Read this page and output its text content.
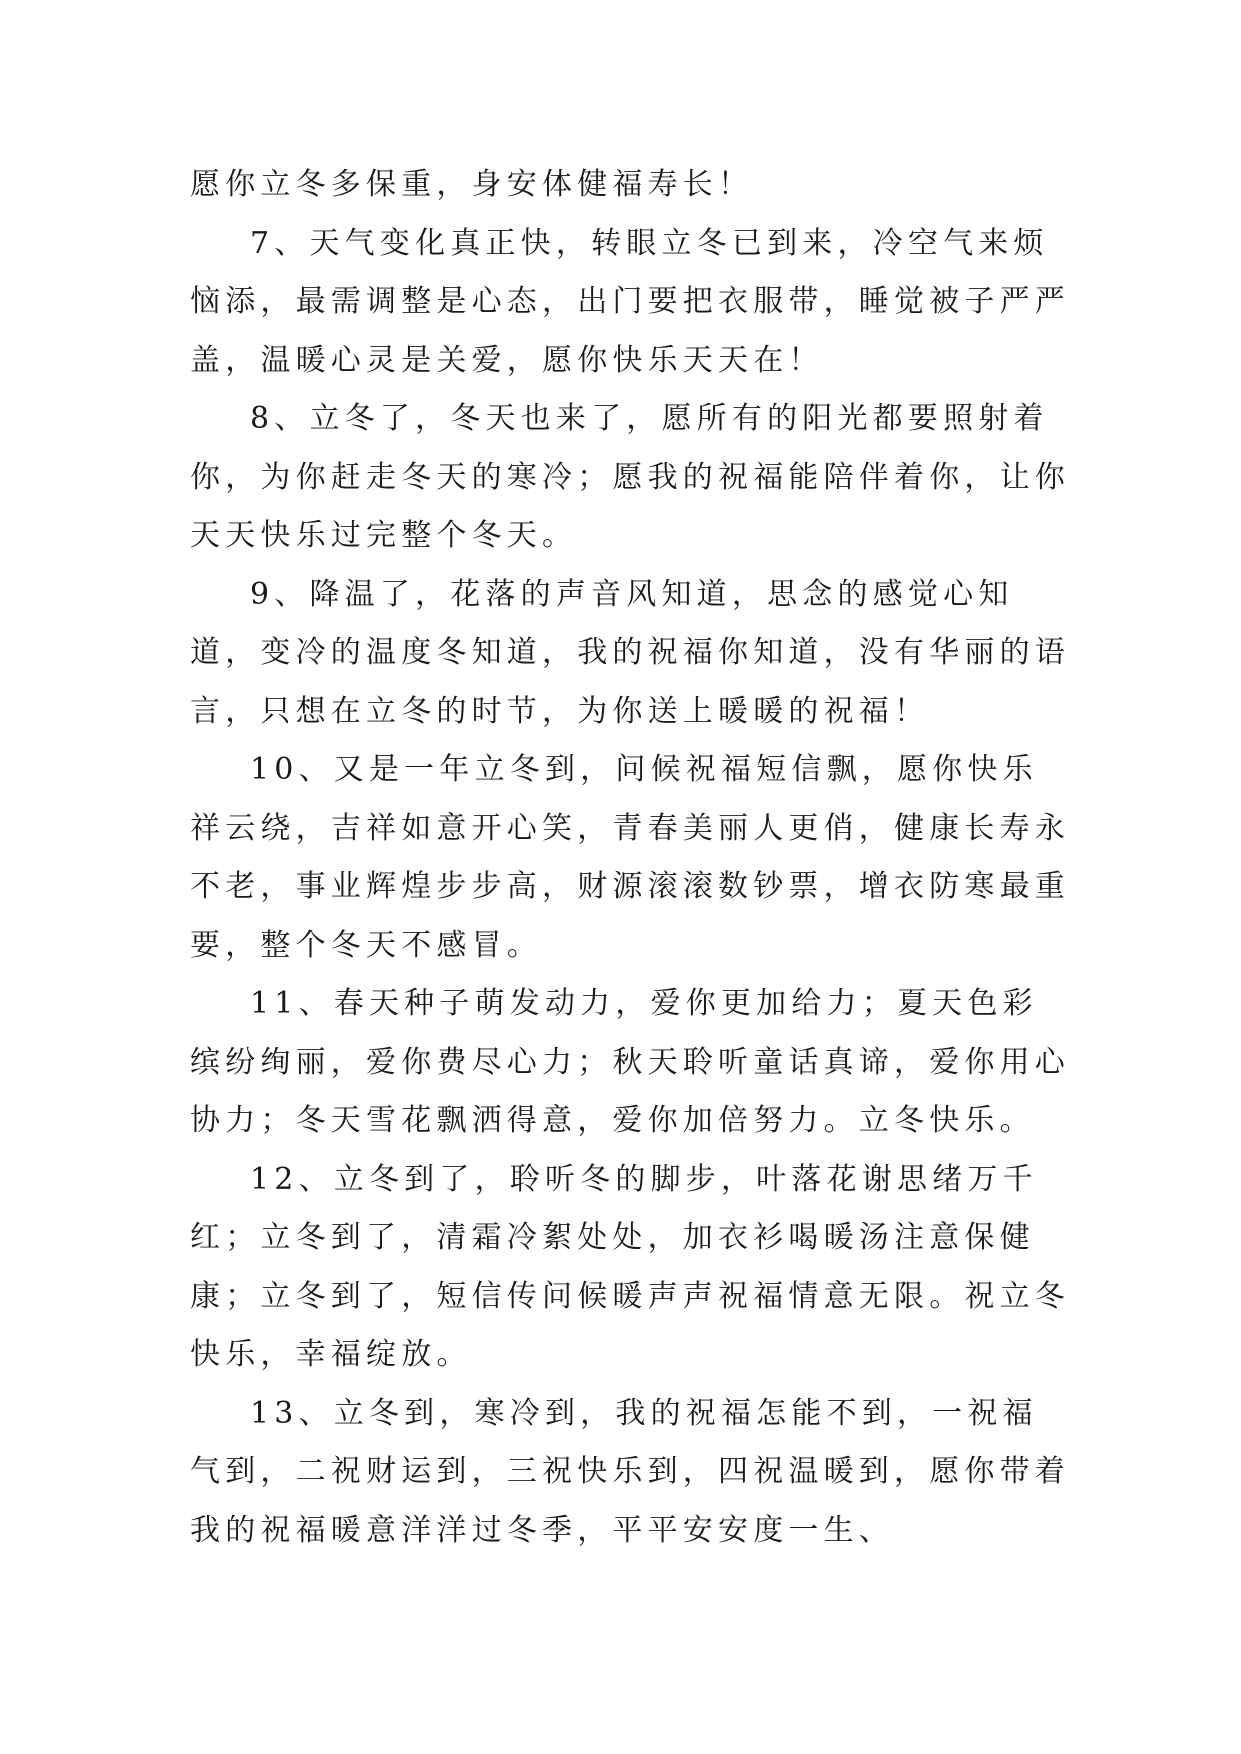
愿你立冬多保重，身安体健福寿长！

7、天气变化真正快，转眼立冬已到来，冷空气来烦恼添，最需调整是心态，出门要把衣服带，睡觉被子严严盖，温暖心灵是关爱，愿你快乐天天在！

8、立冬了，冬天也来了，愿所有的阳光都要照射着你，为你赶走冬天的寒冷；愿我的祝福能陪伴着你，让你天天快乐过完整个冬天。

9、降温了，花落的声音风知道，思念的感觉心知道，变冷的温度冬知道，我的祝福你知道，没有华丽的语言，只想在立冬的时节，为你送上暖暖的祝福！

10、又是一年立冬到，问候祝福短信飘，愿你快乐祥云绕，吉祥如意开心笑，青春美丽人更俏，健康长寿永不老，事业辉煌步步高，财源滚滚数钞票，增衣防寒最重要，整个冬天不感冒。

11、春天种子萌发动力，爱你更加给力；夏天色彩缤纷绚丽，爱你费尽心力；秋天聆听童话真谛，爱你用心协力；冬天雪花飘洒得意，爱你加倍努力。立冬快乐。

12、立冬到了，聆听冬的脚步，叶落花谢思绪万千红；立冬到了，清霜冷絮处处，加衣衫喝暖汤注意保健康；立冬到了，短信传问候暖声声祝福情意无限。祝立冬快乐，幸福绽放。

13、立冬到，寒冷到，我的祝福怎能不到，一祝福气到，二祝财运到，三祝快乐到，四祝温暖到，愿你带着我的祝福暖意洋洋过冬季，平平安安度一生、
